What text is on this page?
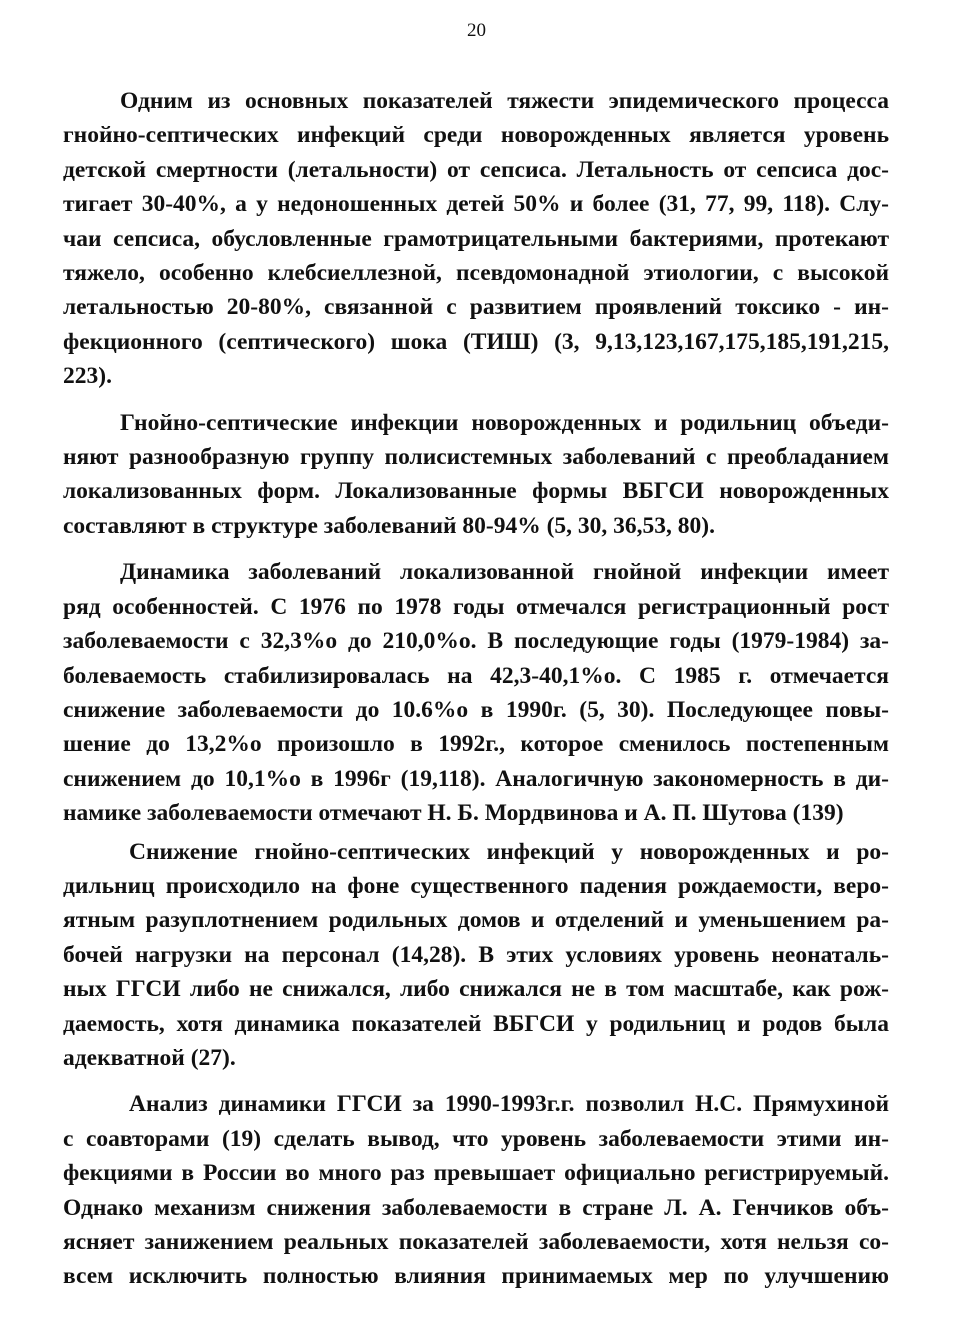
20
Одним из основных показателей тяжести эпидемического процесса
гнойно-септических инфекций среди новорожденных является уровень
детской смертности (летальности) от сепсиса. Летальность от сепсиса дос-
тигает 30-40%, а у недоношенных детей 50% и более (31, 77, 99, 118). Слу-
чаи сепсиса, обусловленные грамотрицательными бактериями, протекают
тяжело, особенно клебсиеллезной, псевдомонадной этиологии, с высокой
летальностью 20-80%, связанной с развитием проявлений токсико - ин-
фекционного (септического) шока (ТИШ) (3, 9,13,123,167,175,185,191,215,
223).
Гнойно-септические инфекции новорожденных и родильниц объеди-
няют разнообразную группу полисистемных заболеваний с преобладанием
локализованных форм. Локализованные формы ВБГСИ новорожденных
составляют в структуре заболеваний 80-94% (5, 30, 36,53, 80).
Динамика заболеваний локализованной гнойной инфекции имеет
ряд особенностей. С 1976 по 1978 годы отмечался регистрационный рост
заболеваемости с 32,3%о до 210,0%о. В последующие годы (1979-1984) за-
болеваемость стабилизировалась на 42,3-40,1%о. С 1985 г. отмечается
снижение заболеваемости до 10.6%о в 1990г. (5, 30). Последующее повы-
шение до 13,2%о произошло в 1992г., которое сменилось постепенным
снижением до 10,1%о в 1996г (19,118). Аналогичную закономерность в ди-
намике заболеваемости отмечают Н. Б. Мордвинова и А. П. Шутова (139)
Снижение гнойно-септических инфекций у новорожденных и ро-
дильниц происходило на фоне существенного падения рождаемости, веро-
ятным разуплотнением родильных домов и отделений и уменьшением ра-
бочей нагрузки на персонал (14,28). В этих условиях уровень неонаталь-
ных ГГСИ либо не снижался, либо снижался не в том масштабе, как рож-
даемость, хотя динамика показателей ВБГСИ у родильниц и родов была
адекватной (27).
Анализ динамики ГГСИ за 1990-1993г.г. позволил Н.С. Прямухиной
с соавторами (19) сделать вывод, что уровень заболеваемости этими ин-
фекциями в России во много раз превышает официально регистрируемый.
Однако механизм снижения заболеваемости в стране Л. А. Генчиков объ-
ясняет занижением реальных показателей заболеваемости, хотя нельзя со-
всем исключить полностью влияния принимаемых мер по улучшению
